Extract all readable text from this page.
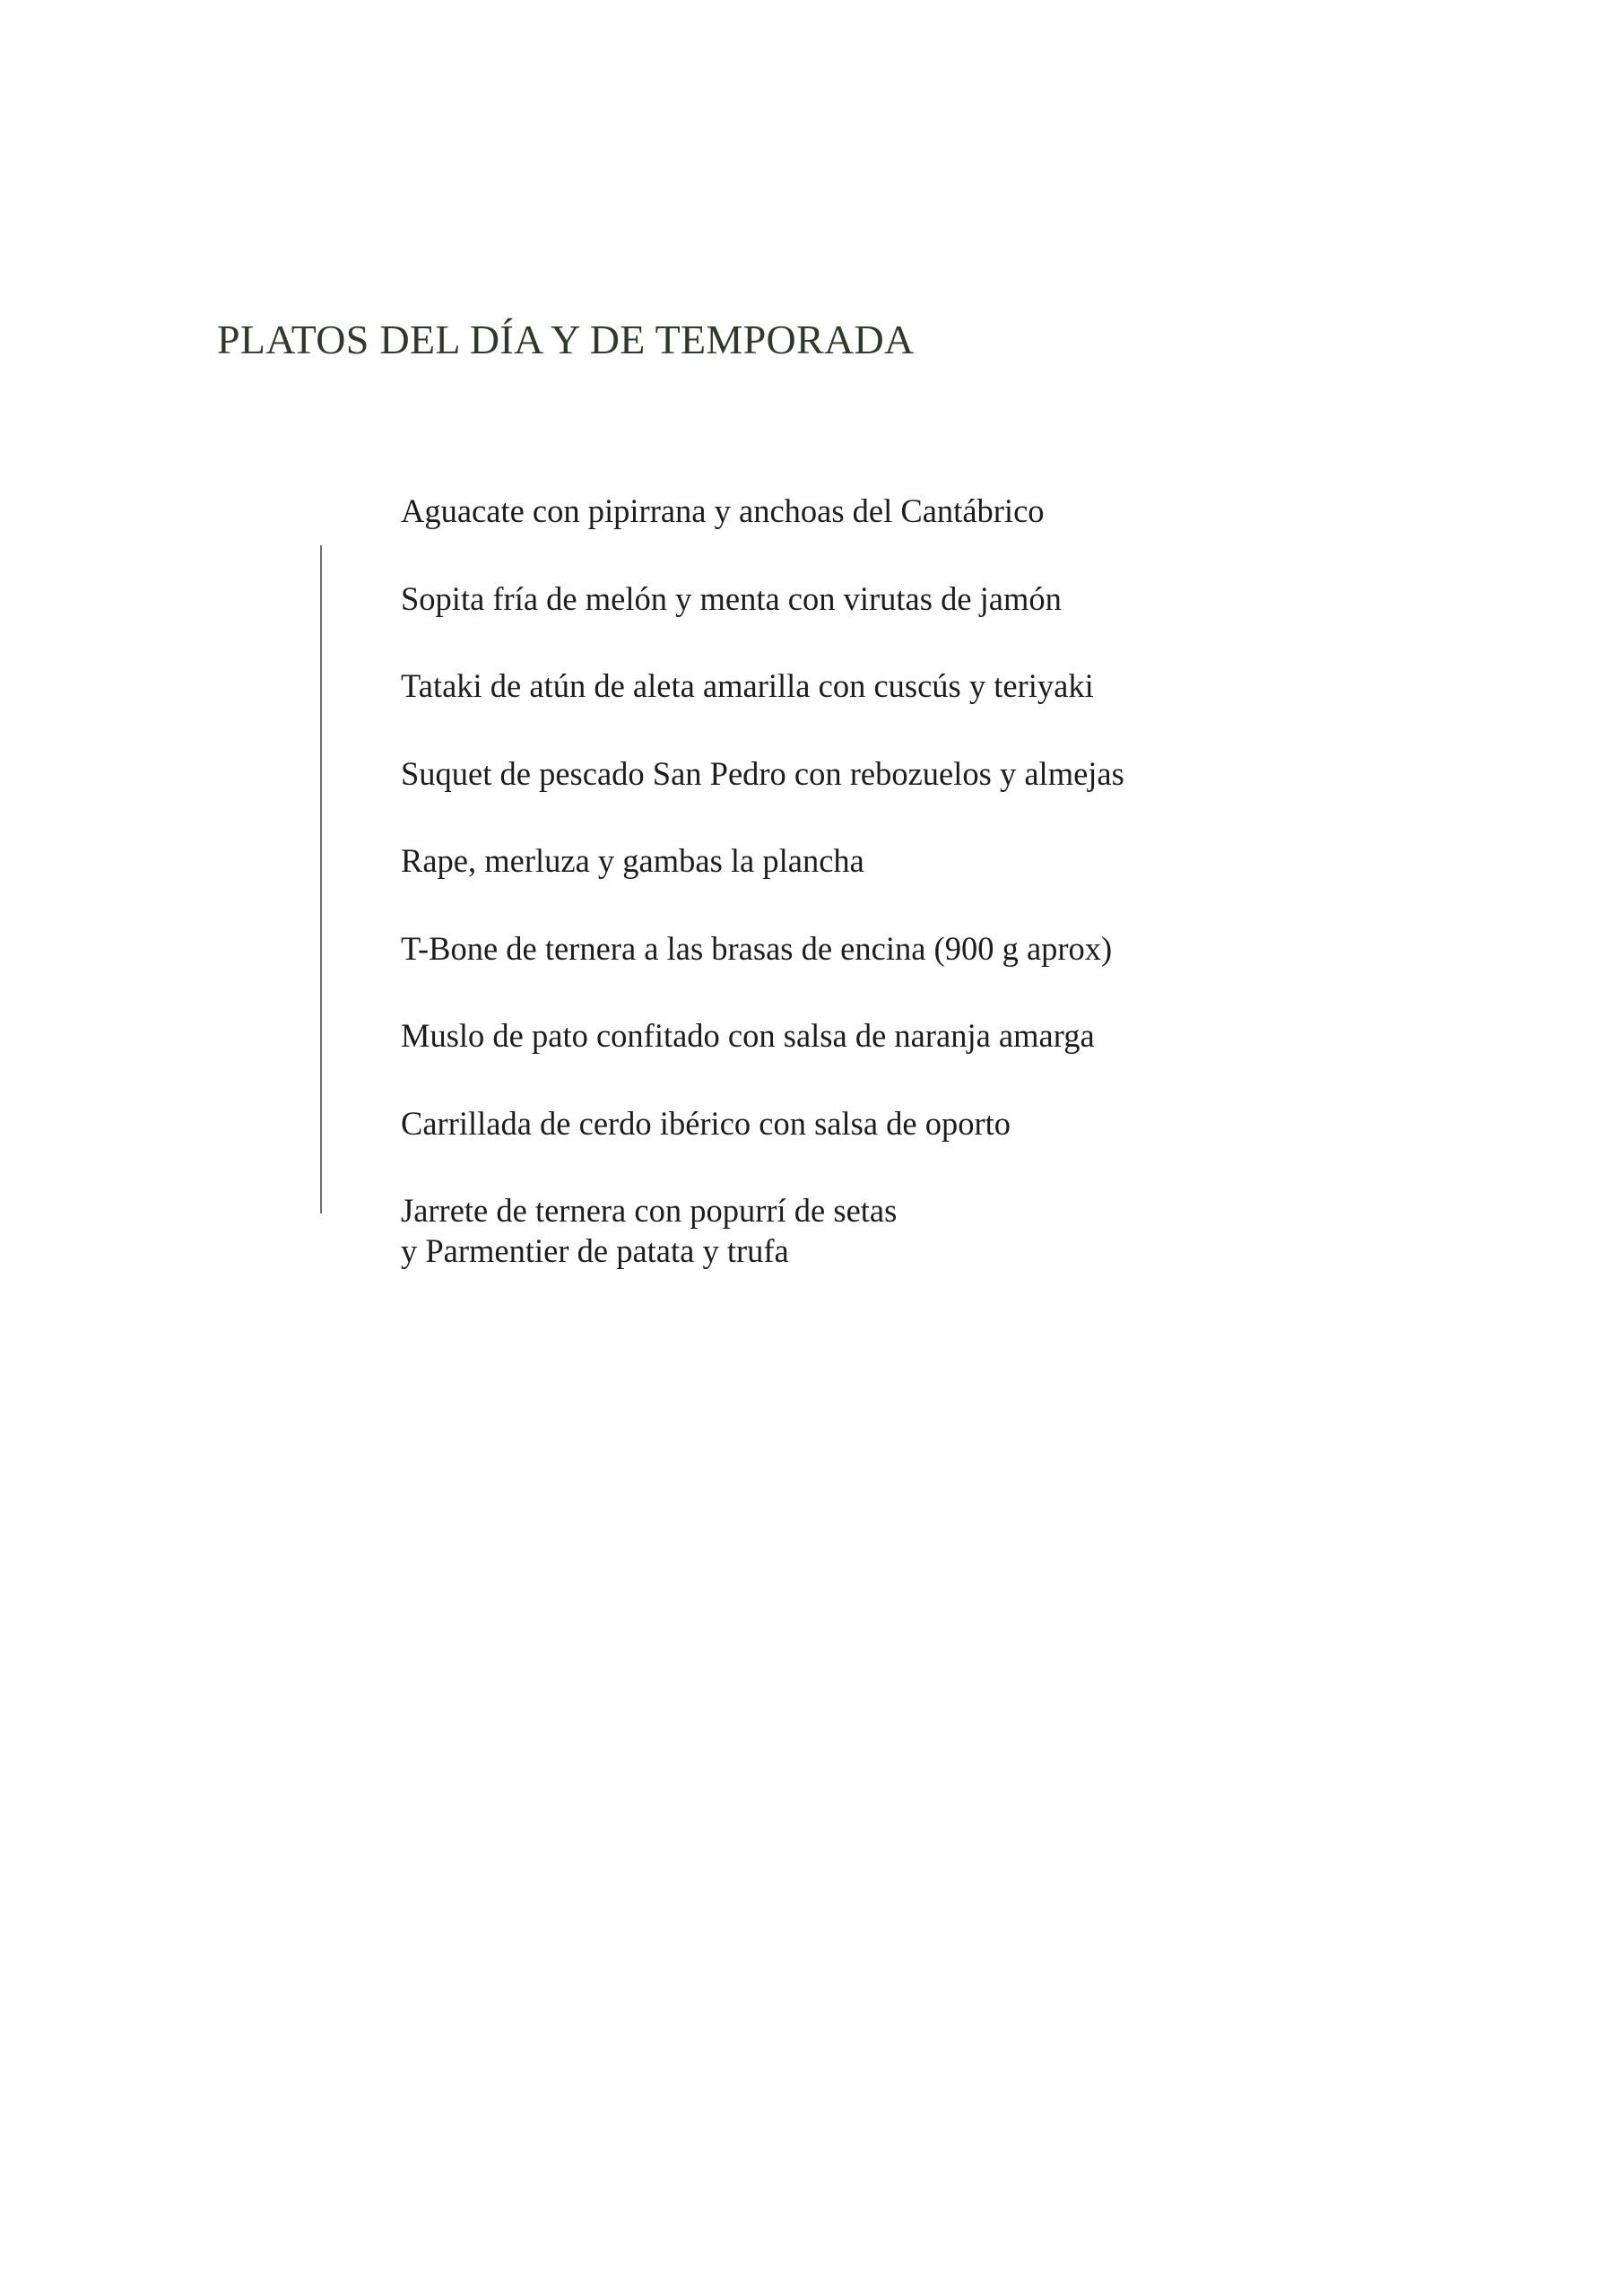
PLATOS DEL DÍA Y DE TEMPORADA
Aguacate con pipirrana y anchoas del Cantábrico
Sopita fría de melón y menta con virutas de jamón
Tataki de atún de aleta amarilla con cuscús y teriyaki
Suquet de pescado San Pedro con rebozuelos y almejas
Rape, merluza y gambas la plancha
T-Bone de ternera a las brasas de encina (900 g aprox)
Muslo de pato confitado con salsa de naranja amarga
Carrillada de cerdo ibérico con salsa de oporto
Jarrete de ternera con popurrí de setas
y Parmentier de patata y trufa
